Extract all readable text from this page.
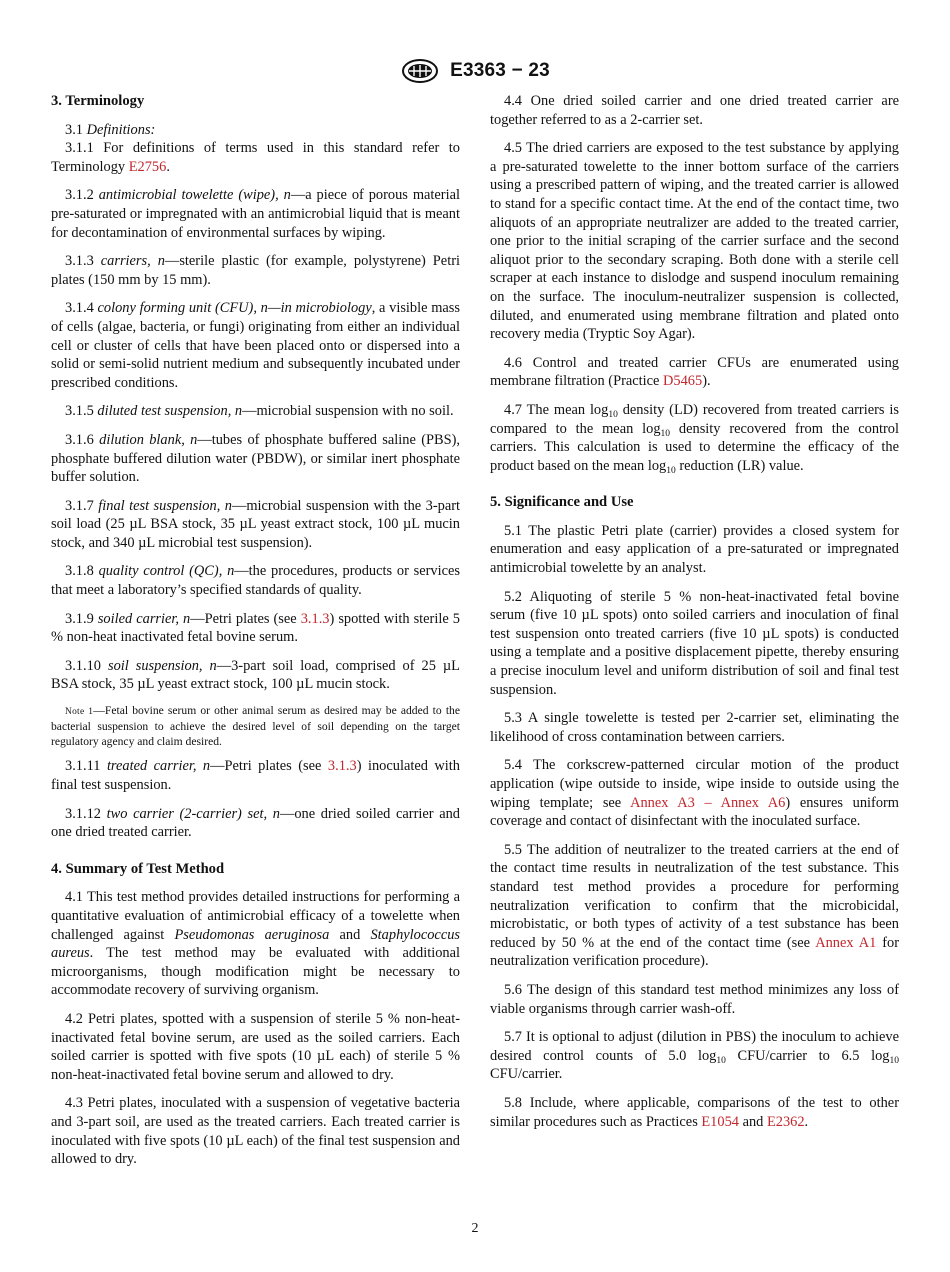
E3363 − 23
3. Terminology

3.1 Definitions:

3.1.1 For definitions of terms used in this standard refer to Terminology E2756.

3.1.2 antimicrobial towelette (wipe), n—a piece of porous material pre-saturated or impregnated with an antimicrobial liquid that is meant for decontamination of environmental surfaces by wiping.

3.1.3 carriers, n—sterile plastic (for example, polystyrene) Petri plates (150 mm by 15 mm).

3.1.4 colony forming unit (CFU), n—in microbiology, a visible mass of cells (algae, bacteria, or fungi) originating from either an individual cell or cluster of cells that have been placed onto or dispersed into a solid or semi-solid nutrient medium and subsequently incubated under prescribed conditions.

3.1.5 diluted test suspension, n—microbial suspension with no soil.

3.1.6 dilution blank, n—tubes of phosphate buffered saline (PBS), phosphate buffered dilution water (PBDW), or similar inert phosphate buffer solution.

3.1.7 final test suspension, n—microbial suspension with the 3-part soil load (25 µL BSA stock, 35 µL yeast extract stock, 100 µL mucin stock, and 340 µL microbial test suspension).

3.1.8 quality control (QC), n—the procedures, products or services that meet a laboratory’s specified standards of quality.

3.1.9 soiled carrier, n—Petri plates (see 3.1.3) spotted with sterile 5 % non-heat inactivated fetal bovine serum.

3.1.10 soil suspension, n—3-part soil load, comprised of 25 µL BSA stock, 35 µL yeast extract stock, 100 µL mucin stock.

Note 1—Fetal bovine serum or other animal serum as desired may be added to the bacterial suspension to achieve the desired level of soil depending on the target regulatory agency and claim desired.

3.1.11 treated carrier, n—Petri plates (see 3.1.3) inoculated with final test suspension.

3.1.12 two carrier (2-carrier) set, n—one dried soiled carrier and one dried treated carrier.

4. Summary of Test Method

4.1 This test method provides detailed instructions for performing a quantitative evaluation of antimicrobial efficacy of a towelette when challenged against Pseudomonas aeruginosa and Staphylococcus aureus. The test method may be evaluated with additional microorganisms, though modification might be necessary to accommodate recovery of surviving organism.

4.2 Petri plates, spotted with a suspension of sterile 5 % non-heat-inactivated fetal bovine serum, are used as the soiled carriers. Each soiled carrier is spotted with five spots (10 µL each) of sterile 5 % non-heat-inactivated fetal bovine serum and allowed to dry.

4.3 Petri plates, inoculated with a suspension of vegetative bacteria and 3-part soil, are used as the treated carriers. Each treated carrier is inoculated with five spots (10 µL each) of the final test suspension and allowed to dry.

4.4 One dried soiled carrier and one dried treated carrier are together referred to as a 2-carrier set.

4.5 The dried carriers are exposed to the test substance by applying a pre-saturated towelette to the inner bottom surface of the carriers using a prescribed pattern of wiping, and the treated carrier is allowed to stand for a specific contact time. At the end of the contact time, two aliquots of an appropriate neutralizer are added to the treated carrier, one prior to the initial scraping of the carrier surface and the second aliquot prior to the secondary scraping. Both done with a sterile cell scraper at each instance to dislodge and suspend inoculum remaining on the surface. The inoculum-neutralizer suspension is collected, diluted, and enumerated using membrane filtration and plated onto recovery media (Tryptic Soy Agar).

4.6 Control and treated carrier CFUs are enumerated using membrane filtration (Practice D5465).

4.7 The mean $\log_{10}$ density (LD) recovered from treated carriers is compared to the mean $\log_{10}$ density recovered from the control carriers. This calculation is used to determine the efficacy of the product based on the mean $\log_{10}$ reduction (LR) value.

5. Significance and Use

5.1 The plastic Petri plate (carrier) provides a closed system for enumeration and easy application of a pre-saturated or impregnated antimicrobial towelette by an analyst.

5.2 Aliquoting of sterile 5 % non-heat-inactivated fetal bovine serum (five 10 µL spots) onto soiled carriers and inoculation of final test suspension onto treated carriers (five 10 µL spots) is conducted using a template and a positive displacement pipette, thereby ensuring a precise inoculum level and uniform distribution of soil and final test suspension.

5.3 A single towelette is tested per 2-carrier set, eliminating the likelihood of cross contamination between carriers.

5.4 The corkscrew-patterned circular motion of the product application (wipe outside to inside, wipe inside to outside using the wiping template; see Annex A3 – Annex A6) ensures uniform coverage and contact of disinfectant with the inoculated surface.

5.5 The addition of neutralizer to the treated carriers at the end of the contact time results in neutralization of the test substance. This standard test method provides a procedure for performing neutralization verification to confirm that the microbicidal, microbistatic, or both types of activity of a test substance has been reduced by 50 % at the end of the contact time (see Annex A1 for neutralization verification procedure).

5.6 The design of this standard test method minimizes any loss of viable organisms through carrier wash-off.

5.7 It is optional to adjust (dilution in PBS) the inoculum to achieve desired control counts of 5.0 $\log_{10}$ CFU/carrier to 6.5 $\log_{10}$ CFU/carrier.

5.8 Include, where applicable, comparisons of the test to other similar procedures such as Practices E1054 and E2362.

2
